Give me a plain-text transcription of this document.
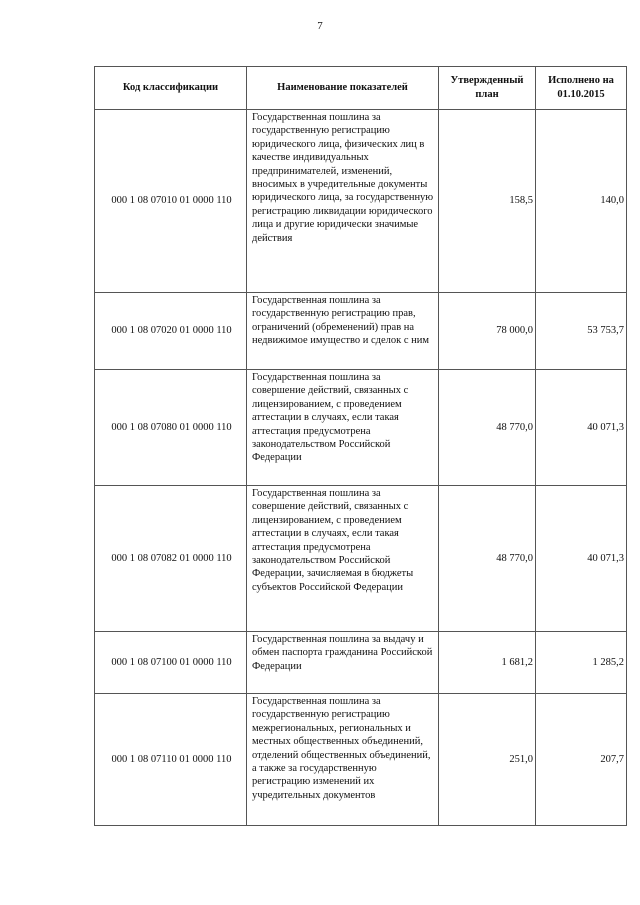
7
Код классификации	Наименование показателей	Утвержденный план	Исполнено на 01.10.2015
000 1 08 07010 01 0000 110	Государственная пошлина за государственную регистрацию юридического лица, физических лиц в качестве индивидуальных предпринимателей, изменений, вносимых в учредительные документы юридического лица, за государственную регистрацию ликвидации юридического лица и другие юридически значимые действия	158,5	140,0
000 1 08 07020 01 0000 110	Государственная пошлина за государственную регистрацию прав, ограничений (обременений) прав на недвижимое имущество и сделок с ним	78 000,0	53 753,7
000 1 08 07080 01 0000 110	Государственная пошлина за совершение действий, связанных с лицензированием, с проведением аттестации в случаях, если такая аттестация предусмотрена законодательством Российской Федерации	48 770,0	40 071,3
000 1 08 07082 01 0000 110	Государственная пошлина за совершение действий, связанных с лицензированием, с проведением аттестации в случаях, если такая аттестация предусмотрена законодательством Российской Федерации, зачисляемая в бюджеты субъектов Российской Федерации	48 770,0	40 071,3
000 1 08 07100 01 0000 110	Государственная пошлина за выдачу и обмен паспорта гражданина Российской Федерации	1 681,2	1 285,2
000 1 08 07110 01 0000 110	Государственная пошлина за государственную регистрацию межрегиональных, региональных и местных общественных объединений, отделений общественных объединений, а также за государственную регистрацию изменений их учредительных документов	251,0	207,7
